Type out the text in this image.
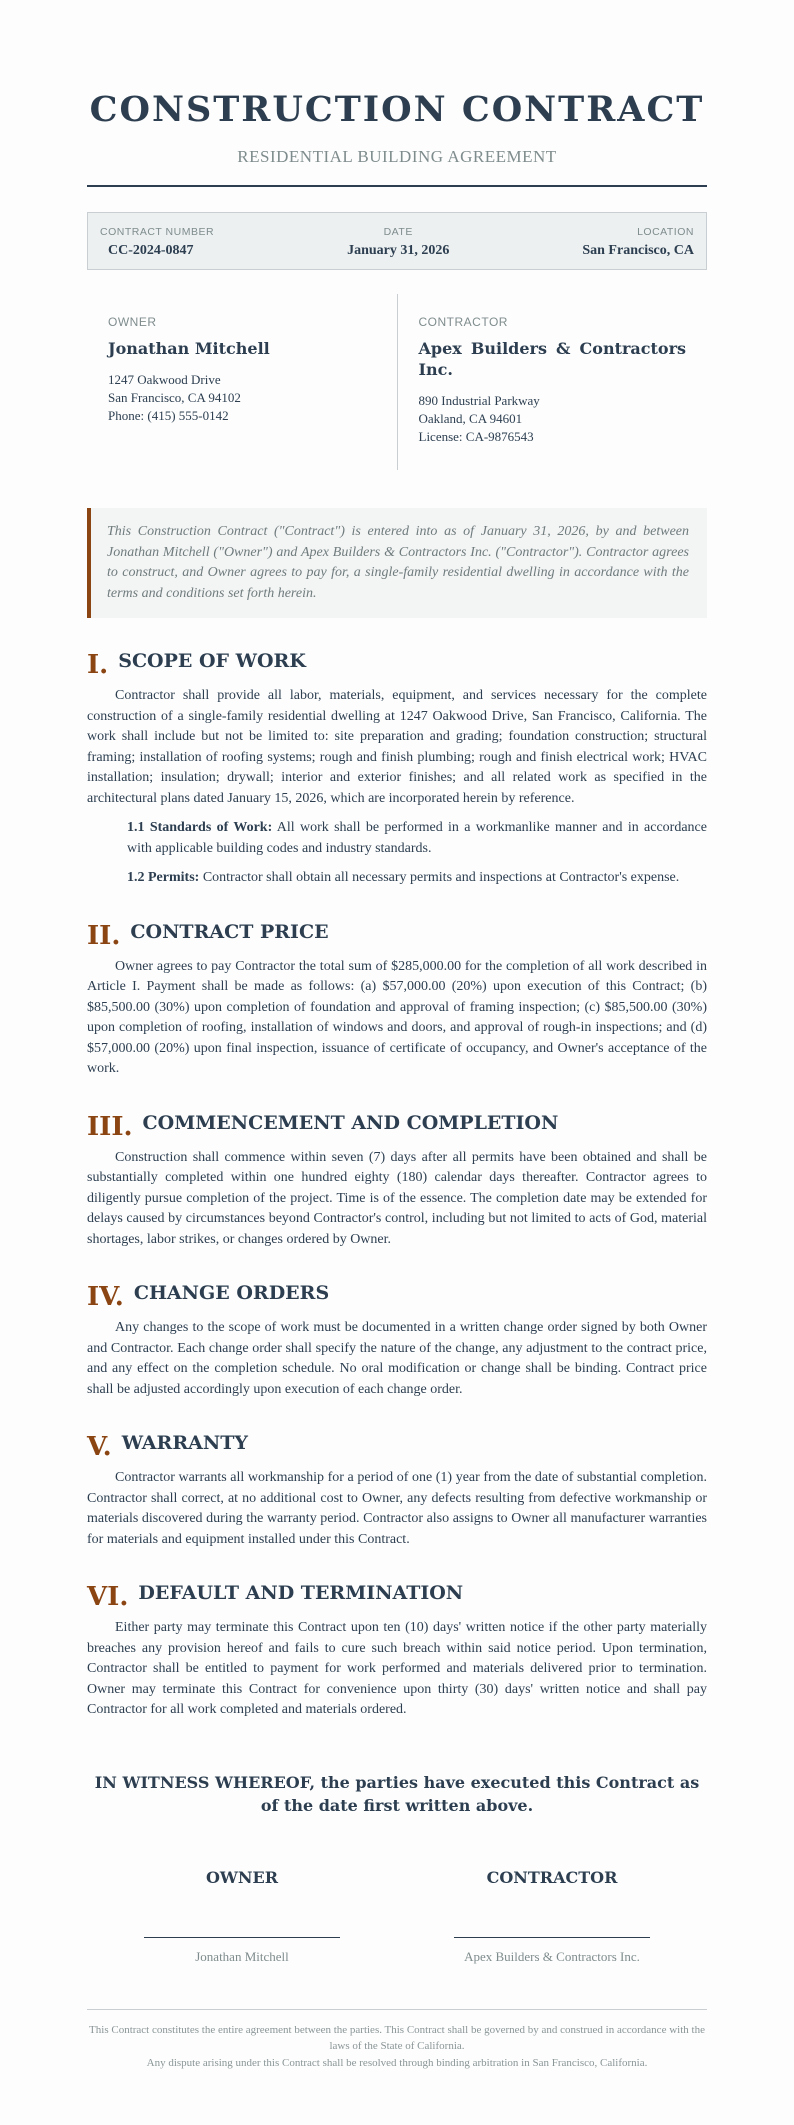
CONSTRUCTION CONTRACT
RESIDENTIAL BUILDING AGREEMENT
CONTRACT NUMBER
CC-2024-0847
DATE
January 31, 2026
LOCATION
San Francisco, CA
OWNER
Jonathan Mitchell
1247 Oakwood Drive
San Francisco, CA 94102
Phone: (415) 555-0142
CONTRACTOR
Apex Builders & Contractors Inc.
890 Industrial Parkway
Oakland, CA 94601
License: CA-9876543
This Construction Contract ("Contract") is entered into as of January 31, 2026, by and between Jonathan Mitchell ("Owner") and Apex Builders & Contractors Inc. ("Contractor"). Contractor agrees to construct, and Owner agrees to pay for, a single-family residential dwelling in accordance with the terms and conditions set forth herein.
I. SCOPE OF WORK
Contractor shall provide all labor, materials, equipment, and services necessary for the complete construction of a single-family residential dwelling at 1247 Oakwood Drive, San Francisco, California. The work shall include but not be limited to: site preparation and grading; foundation construction; structural framing; installation of roofing systems; rough and finish plumbing; rough and finish electrical work; HVAC installation; insulation; drywall; interior and exterior finishes; and all related work as specified in the architectural plans dated January 15, 2026, which are incorporated herein by reference.
1.1 Standards of Work: All work shall be performed in a workmanlike manner and in accordance with applicable building codes and industry standards.
1.2 Permits: Contractor shall obtain all necessary permits and inspections at Contractor's expense.
II. CONTRACT PRICE
Owner agrees to pay Contractor the total sum of $285,000.00 for the completion of all work described in Article I. Payment shall be made as follows: (a) $57,000.00 (20%) upon execution of this Contract; (b) $85,500.00 (30%) upon completion of foundation and approval of framing inspection; (c) $85,500.00 (30%) upon completion of roofing, installation of windows and doors, and approval of rough-in inspections; and (d) $57,000.00 (20%) upon final inspection, issuance of certificate of occupancy, and Owner's acceptance of the work.
III. COMMENCEMENT AND COMPLETION
Construction shall commence within seven (7) days after all permits have been obtained and shall be substantially completed within one hundred eighty (180) calendar days thereafter. Contractor agrees to diligently pursue completion of the project. Time is of the essence. The completion date may be extended for delays caused by circumstances beyond Contractor's control, including but not limited to acts of God, material shortages, labor strikes, or changes ordered by Owner.
IV. CHANGE ORDERS
Any changes to the scope of work must be documented in a written change order signed by both Owner and Contractor. Each change order shall specify the nature of the change, any adjustment to the contract price, and any effect on the completion schedule. No oral modification or change shall be binding. Contract price shall be adjusted accordingly upon execution of each change order.
V. WARRANTY
Contractor warrants all workmanship for a period of one (1) year from the date of substantial completion. Contractor shall correct, at no additional cost to Owner, any defects resulting from defective workmanship or materials discovered during the warranty period. Contractor also assigns to Owner all manufacturer warranties for materials and equipment installed under this Contract.
VI. DEFAULT AND TERMINATION
Either party may terminate this Contract upon ten (10) days' written notice if the other party materially breaches any provision hereof and fails to cure such breach within said notice period. Upon termination, Contractor shall be entitled to payment for work performed and materials delivered prior to termination. Owner may terminate this Contract for convenience upon thirty (30) days' written notice and shall pay Contractor for all work completed and materials ordered.
IN WITNESS WHEREOF, the parties have executed this Contract as of the date first written above.
OWNER
Jonathan Mitchell
CONTRACTOR
Apex Builders & Contractors Inc.
This Contract constitutes the entire agreement between the parties. This Contract shall be governed by and construed in accordance with the laws of the State of California.
Any dispute arising under this Contract shall be resolved through binding arbitration in San Francisco, California.
